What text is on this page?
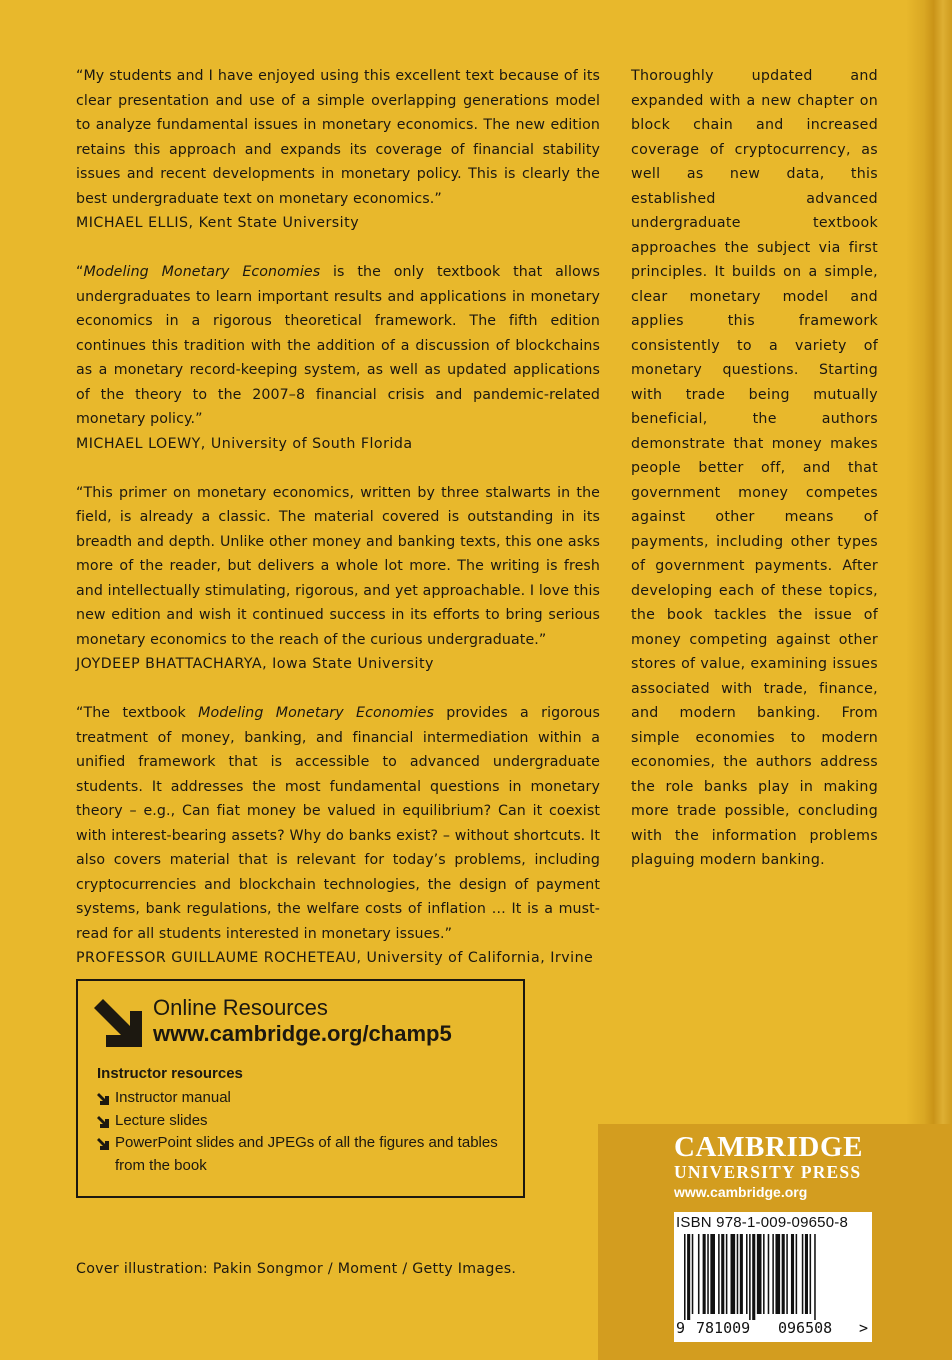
“My students and I have enjoyed using this excellent text because of its clear presentation and use of a simple overlapping generations model to analyze fundamental issues in monetary economics. The new edition retains this approach and expands its coverage of financial stability issues and recent developments in monetary policy. This is clearly the best undergraduate text on monetary economics.”

MICHAEL ELLIS, Kent State University

“Modeling Monetary Economies is the only textbook that allows undergraduates to learn important results and applications in monetary economics in a rigorous theoretical framework. The fifth edition continues this tradition with the addition of a discussion of blockchains as a monetary record-keeping system, as well as updated applications of the theory to the 2007–8 financial crisis and pandemic-related monetary policy.”

MICHAEL LOEWY, University of South Florida

“This primer on monetary economics, written by three stalwarts in the field, is already a classic. The material covered is outstanding in its breadth and depth. Unlike other money and banking texts, this one asks more of the reader, but delivers a whole lot more. The writing is fresh and intellectually stimulating, rigorous, and yet approachable. I love this new edition and wish it continued success in its efforts to bring serious monetary economics to the reach of the curious undergraduate.”

JOYDEEP BHATTACHARYA, Iowa State University

“The textbook Modeling Monetary Economies provides a rigorous treatment of money, banking, and financial intermediation within a unified framework that is accessible to advanced undergraduate students. It addresses the most fundamental questions in monetary theory – e.g., Can fiat money be valued in equilibrium? Can it coexist with interest-bearing assets? Why do banks exist? – without shortcuts. It also covers material that is relevant for today’s problems, including cryptocurrencies and blockchain technologies, the design of payment systems, bank regulations, the welfare costs of inflation … It is a must-read for all students interested in monetary issues.”

PROFESSOR GUILLAUME ROCHETEAU, University of California, Irvine

Thoroughly updated and expanded with a new chapter on block chain and increased coverage of cryptocurrency, as well as new data, this established advanced undergraduate textbook approaches the subject via first principles. It builds on a simple, clear monetary model and applies this framework consistently to a variety of monetary questions. Starting with trade being mutually beneficial, the authors demonstrate that money makes people better off, and that government money competes against other means of payments, including other types of government payments. After developing each of these topics, the book tackles the issue of money competing against other stores of value, examining issues associated with trade, finance, and modern banking. From simple economies to modern economies, the authors address the role banks play in making more trade possible, concluding with the information problems plaguing modern banking.

Online Resources
www.cambridge.org/champ5
Instructor resources
Instructor manual
Lecture slides
PowerPoint slides and JPEGs of all the figures and tables from the book
Cover illustration: Pakin Songmor / Moment / Getty Images.
CAMBRIDGE
UNIVERSITY PRESS
www.cambridge.org
ISBN 978-1-009-09650-8
9 781009 096508 >
